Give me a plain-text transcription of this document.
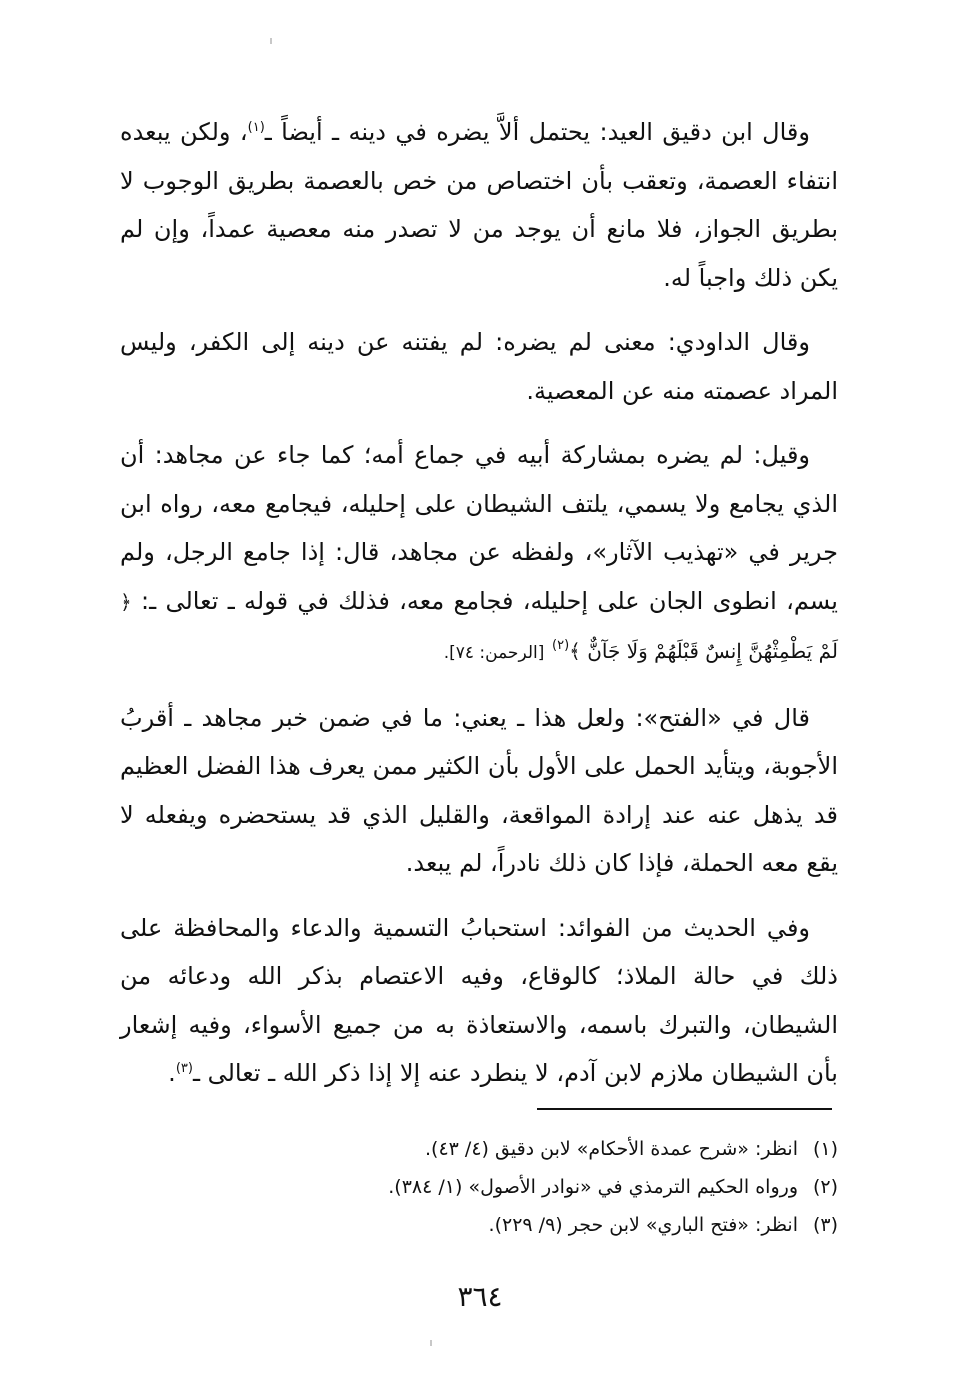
وقال ابن دقيق العيد: يحتمل ألاَّ يضره في دينه ـ أيضاً ـ$^{(١)}$، ولكن يبعده انتفاء العصمة، وتعقب بأن اختصاص من خص بالعصمة بطريق الوجوب لا بطريق الجواز، فلا مانع أن يوجد من لا تصدر منه معصية عمداً، وإن لم يكن ذلك واجباً له.

وقال الداودي: معنى لم يضره: لم يفتنه عن دينه إلى الكفر، وليس المراد عصمته منه عن المعصية.

وقيل: لم يضره بمشاركة أبيه في جماع أمه؛ كما جاء عن مجاهد: أن الذي يجامع ولا يسمي، يلتف الشيطان على إحليله، فيجامع معه، رواه ابن جرير في «تهذيب الآثار»، ولفظه عن مجاهد، قال: إذا جامع الرجل، ولم يسم، انطوى الجان على إحليله، فجامع معه، فذلك في قوله ـ تعالى ـ: ﴿ لَمْ يَطْمِثْهُنَّ إِنسٌ قَبْلَهُمْ وَلَا جَآنٌّ ﴾$^{(٢)}$ [الرحمن: ٧٤].

قال في «الفتح»: ولعل هذا ـ يعني: ما في ضمن خبر مجاهد ـ أقربُ الأجوبة، ويتأيد الحمل على الأول بأن الكثير ممن يعرف هذا الفضل العظيم قد يذهل عنه عند إرادة المواقعة، والقليل الذي قد يستحضره ويفعله لا يقع معه الحملة، فإذا كان ذلك نادراً، لم يبعد.

وفي الحديث من الفوائد: استحبابُ التسمية والدعاء والمحافظة على ذلك في حالة الملاذ؛ كالوقاع، وفيه الاعتصام بذكر الله ودعائه من الشيطان، والتبرك باسمه، والاستعاذة به من جميع الأسواء، وفيه إشعار بأن الشيطان ملازم لابن آدم، لا ينطرد عنه إلا إذا ذكر الله ـ تعالى ـ$^{(٣)}$.

(١)انظر: «شرح عمدة الأحكام» لابن دقيق (٤/ ٤٣).
(٢)ورواه الحكيم الترمذي في «نوادر الأصول» (١/ ٣٨٤).
(٣)انظر: «فتح الباري» لابن حجر (٩/ ٢٢٩).
٣٦٤
